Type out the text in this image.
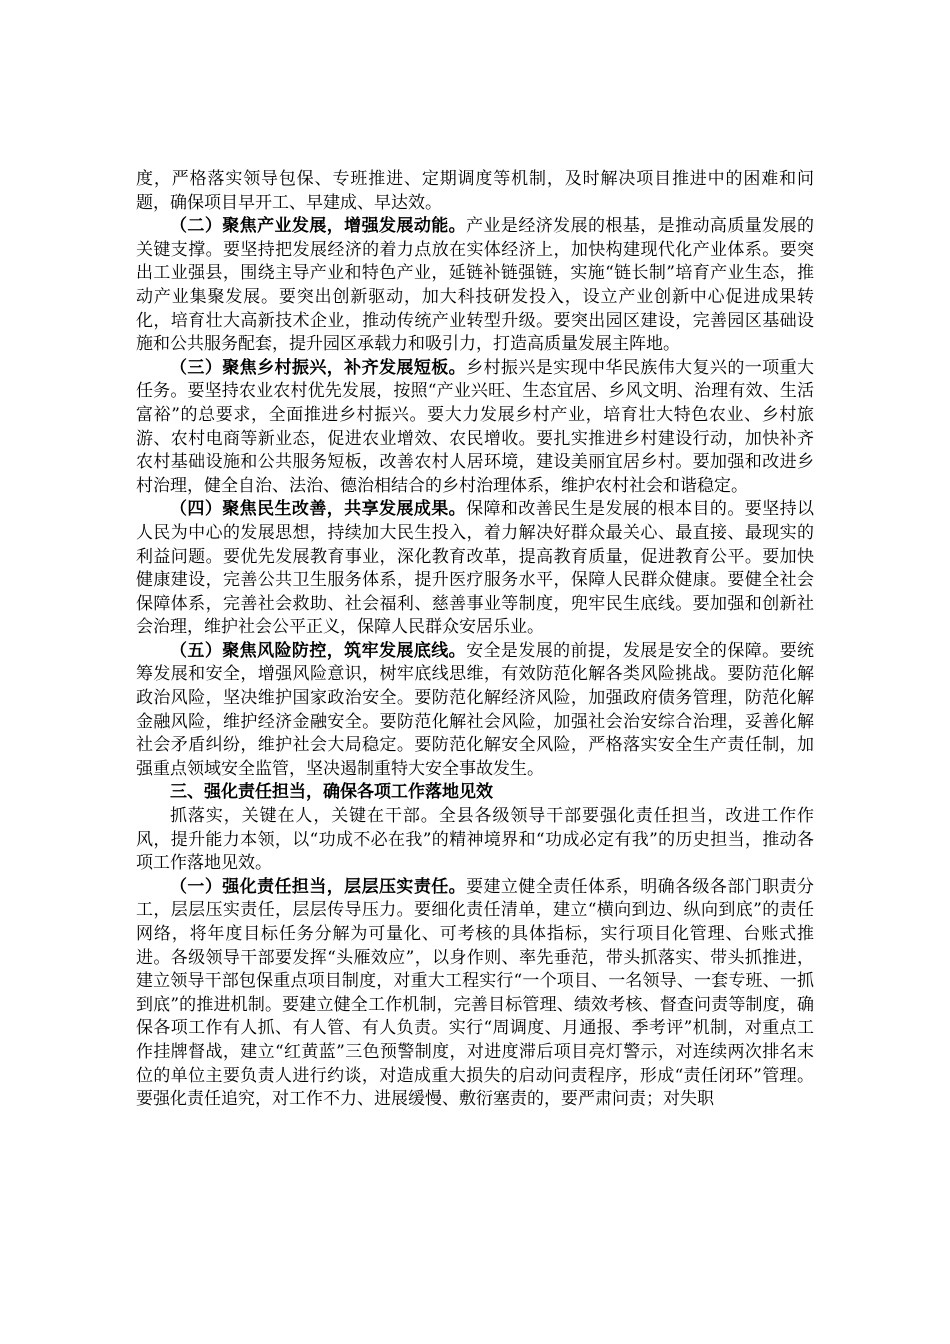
度，严格落实领导包保、专班推进、定期调度等机制，及时解决项目推进中的困难和问题，确保项目早开工、早建成、早达效。

（二）聚焦产业发展，增强发展动能。产业是经济发展的根基，是推动高质量发展的关键支撑。要坚持把发展经济的着力点放在实体经济上，加快构建现代化产业体系。要突出工业强县，围绕主导产业和特色产业，延链补链强链，实施“链长制”培育产业生态，推动产业集聚发展。要突出创新驱动，加大科技研发投入，设立产业创新中心促进成果转化，培育壮大高新技术企业，推动传统产业转型升级。要突出园区建设，完善园区基础设施和公共服务配套，提升园区承载力和吸引力，打造高质量发展主阵地。

（三）聚焦乡村振兴，补齐发展短板。乡村振兴是实现中华民族伟大复兴的一项重大任务。要坚持农业农村优先发展，按照“产业兴旺、生态宜居、乡风文明、治理有效、生活富裕”的总要求，全面推进乡村振兴。要大力发展乡村产业，培育壮大特色农业、乡村旅游、农村电商等新业态，促进农业增效、农民增收。要扎实推进乡村建设行动，加快补齐农村基础设施和公共服务短板，改善农村人居环境，建设美丽宜居乡村。要加强和改进乡村治理，健全自治、法治、德治相结合的乡村治理体系，维护农村社会和谐稳定。

（四）聚焦民生改善，共享发展成果。保障和改善民生是发展的根本目的。要坚持以人民为中心的发展思想，持续加大民生投入，着力解决好群众最关心、最直接、最现实的利益问题。要优先发展教育事业，深化教育改革，提高教育质量，促进教育公平。要加快健康建设，完善公共卫生服务体系，提升医疗服务水平，保障人民群众健康。要健全社会保障体系，完善社会救助、社会福利、慈善事业等制度，兜牢民生底线。要加强和创新社会治理，维护社会公平正义，保障人民群众安居乐业。

（五）聚焦风险防控，筑牢发展底线。安全是发展的前提，发展是安全的保障。要统筹发展和安全，增强风险意识，树牢底线思维，有效防范化解各类风险挑战。要防范化解政治风险，坚决维护国家政治安全。要防范化解经济风险，加强政府债务管理，防范化解金融风险，维护经济金融安全。要防范化解社会风险，加强社会治安综合治理，妥善化解社会矛盾纠纷，维护社会大局稳定。要防范化解安全风险，严格落实安全生产责任制，加强重点领域安全监管，坚决遏制重特大安全事故发生。

三、强化责任担当，确保各项工作落地见效

抓落实，关键在人，关键在干部。全县各级领导干部要强化责任担当，改进工作作风，提升能力本领，以“功成不必在我”的精神境界和“功成必定有我”的历史担当，推动各项工作落地见效。

（一）强化责任担当，层层压实责任。要建立健全责任体系，明确各级各部门职责分工，层层压实责任，层层传导压力。要细化责任清单，建立“横向到边、纵向到底”的责任网络，将年度目标任务分解为可量化、可考核的具体指标，实行项目化管理、台账式推进。各级领导干部要发挥“头雁效应”，以身作则、率先垂范，带头抓落实、带头抓推进，建立领导干部包保重点项目制度，对重大工程实行“一个项目、一名领导、一套专班、一抓到底”的推进机制。要建立健全工作机制，完善目标管理、绩效考核、督查问责等制度，确保各项工作有人抓、有人管、有人负责。实行“周调度、月通报、季考评”机制，对重点工作挂牌督战，建立“红黄蓝”三色预警制度，对进度滞后项目亮灯警示，对连续两次排名末位的单位主要负责人进行约谈，对造成重大损失的启动问责程序，形成“责任闭环”管理。要强化责任追究，对工作不力、进展缓慢、敷衍塞责的，要严肃问责；对失职
